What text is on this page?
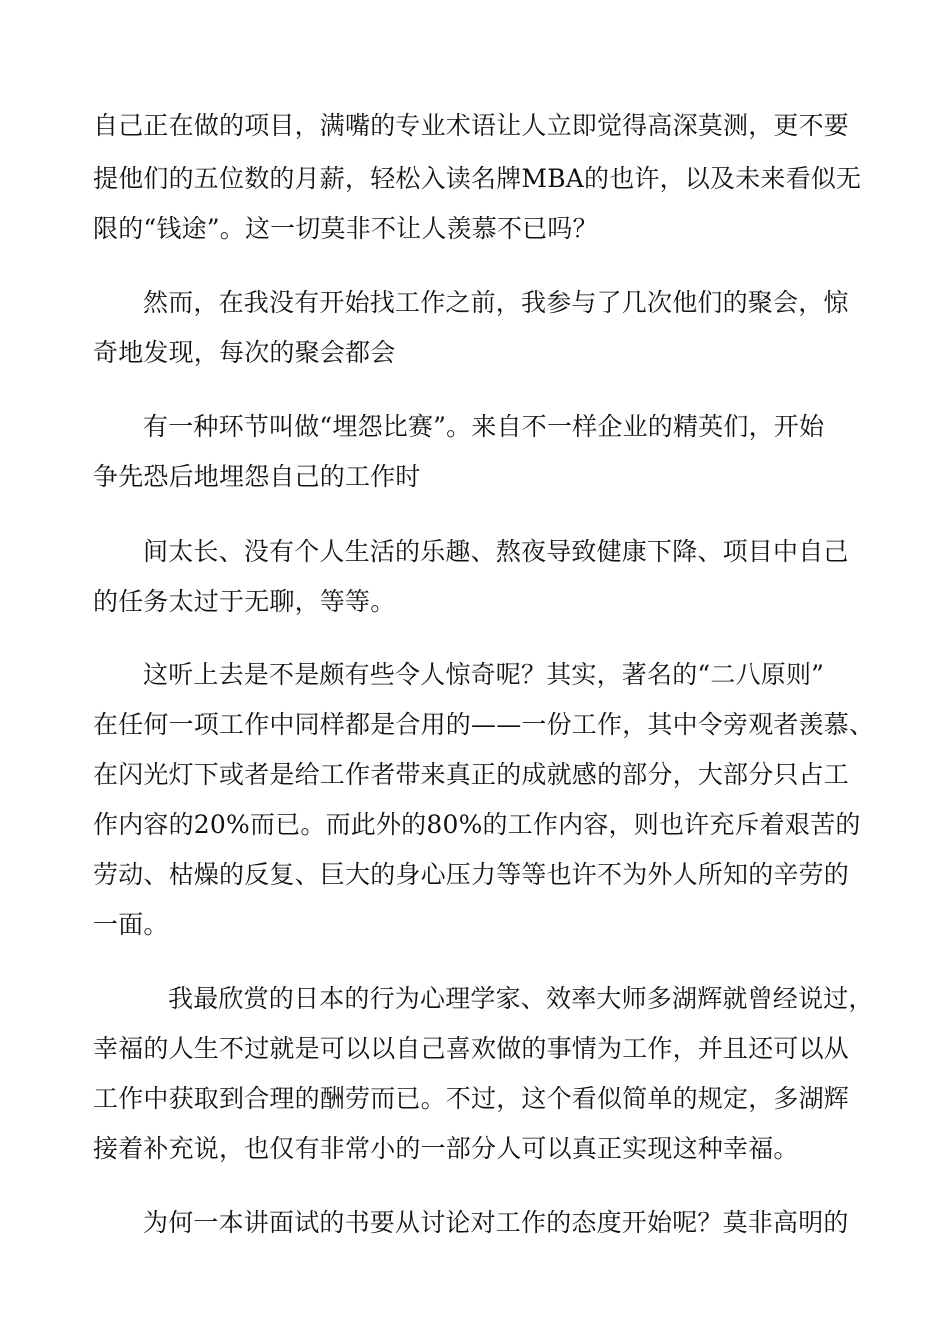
自己正在做的项目，满嘴的专业术语让人立即觉得高深莫测，更不要
提他们的五位数的月薪，轻松入读名牌MBA的也许，以及未来看似无
限的“钱途”。这一切莫非不让人羡慕不已吗？
然而，在我没有开始找工作之前，我参与了几次他们的聚会，惊
奇地发现，每次的聚会都会
有一种环节叫做“埋怨比赛”。来自不一样企业的精英们，开始
争先恐后地埋怨自己的工作时
间太长、没有个人生活的乐趣、熬夜导致健康下降、项目中自己
的任务太过于无聊，等等。
这听上去是不是颇有些令人惊奇呢？其实，著名的“二八原则”
在任何一项工作中同样都是合用的——一份工作，其中令旁观者羡慕、
在闪光灯下或者是给工作者带来真正的成就感的部分，大部分只占工
作内容的20%而已。而此外的80%的工作内容，则也许充斥着艰苦的
劳动、枯燥的反复、巨大的身心压力等等也许不为外人所知的辛劳的
一面。
我最欣赏的日本的行为心理学家、效率大师多湖辉就曾经说过，
幸福的人生不过就是可以以自己喜欢做的事情为工作，并且还可以从
工作中获取到合理的酬劳而已。不过，这个看似简单的规定，多湖辉
接着补充说，也仅有非常小的一部分人可以真正实现这种幸福。
为何一本讲面试的书要从讨论对工作的态度开始呢？莫非高明的
